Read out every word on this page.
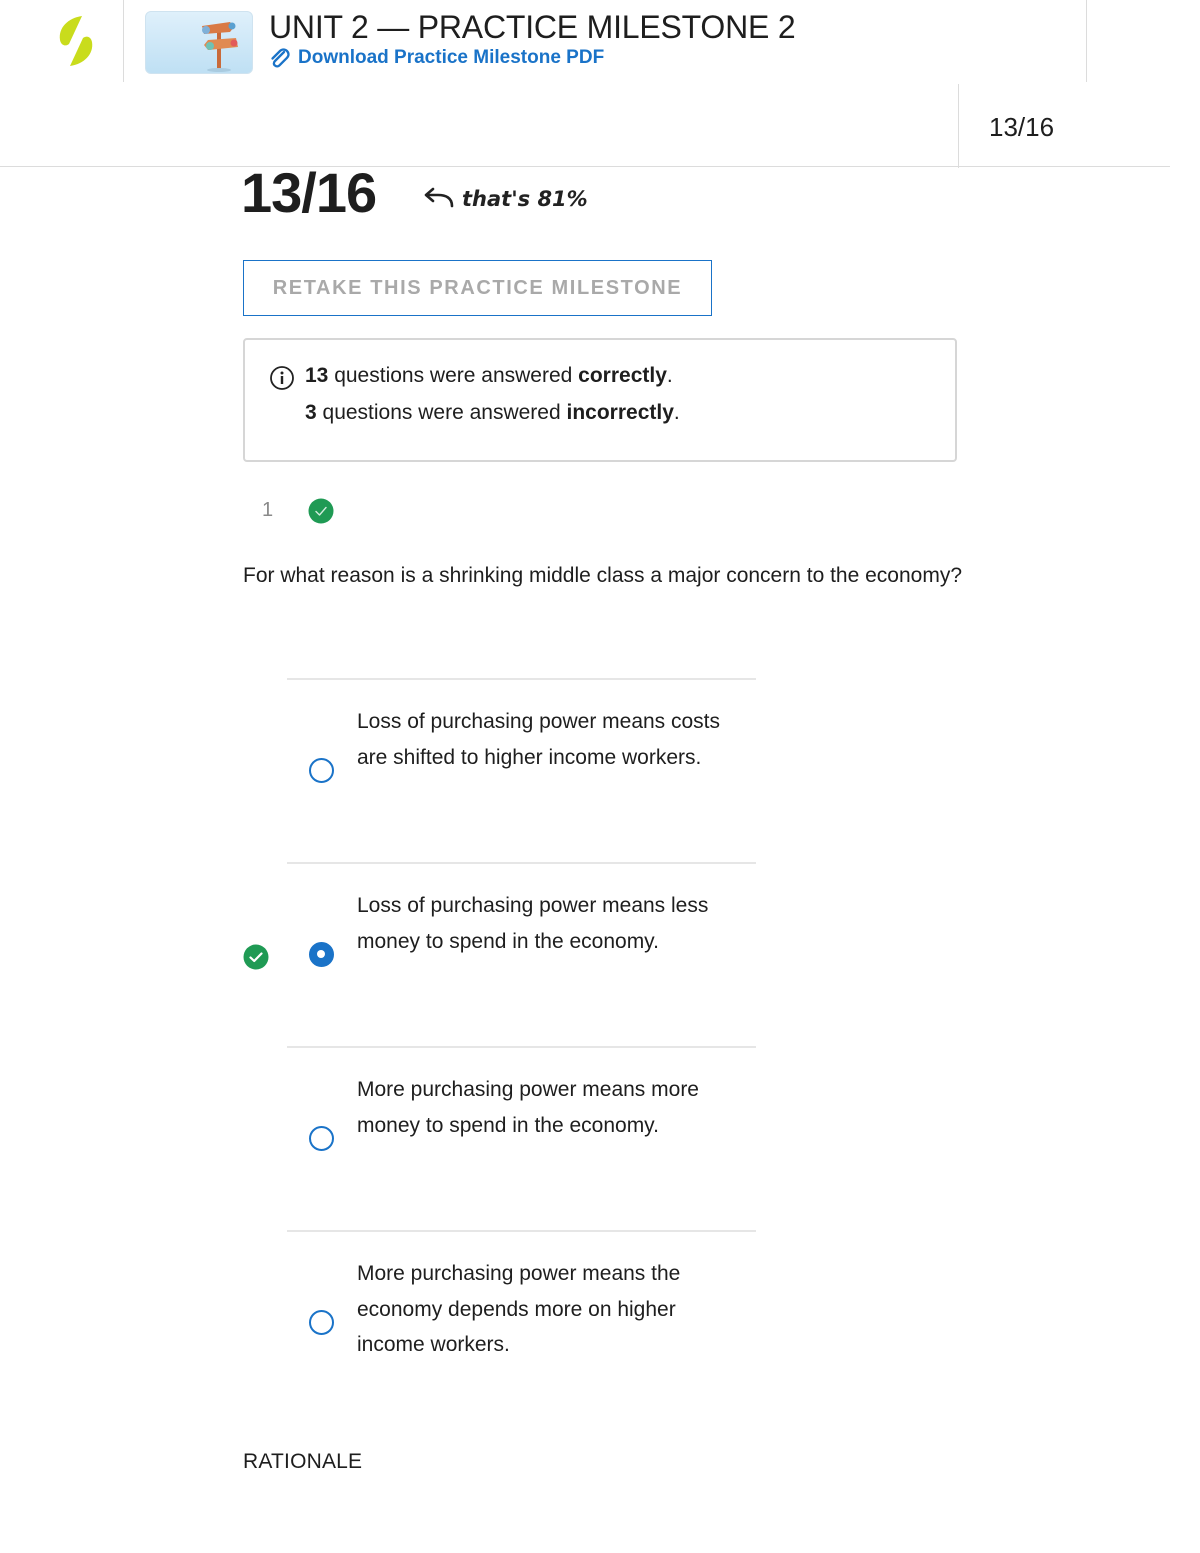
UNIT 2 — PRACTICE MILESTONE 2
Download Practice Milestone PDF
13/16
13/16	that's 81%
RETAKE THIS PRACTICE MILESTONE
13 questions were answered correctly.
3 questions were answered incorrectly.
1
For what reason is a shrinking middle class a major concern to the economy?
Loss of purchasing power means costs are shifted to higher income workers.
Loss of purchasing power means less money to spend in the economy.
More purchasing power means more money to spend in the economy.
More purchasing power means the economy depends more on higher income workers.
RATIONALE
